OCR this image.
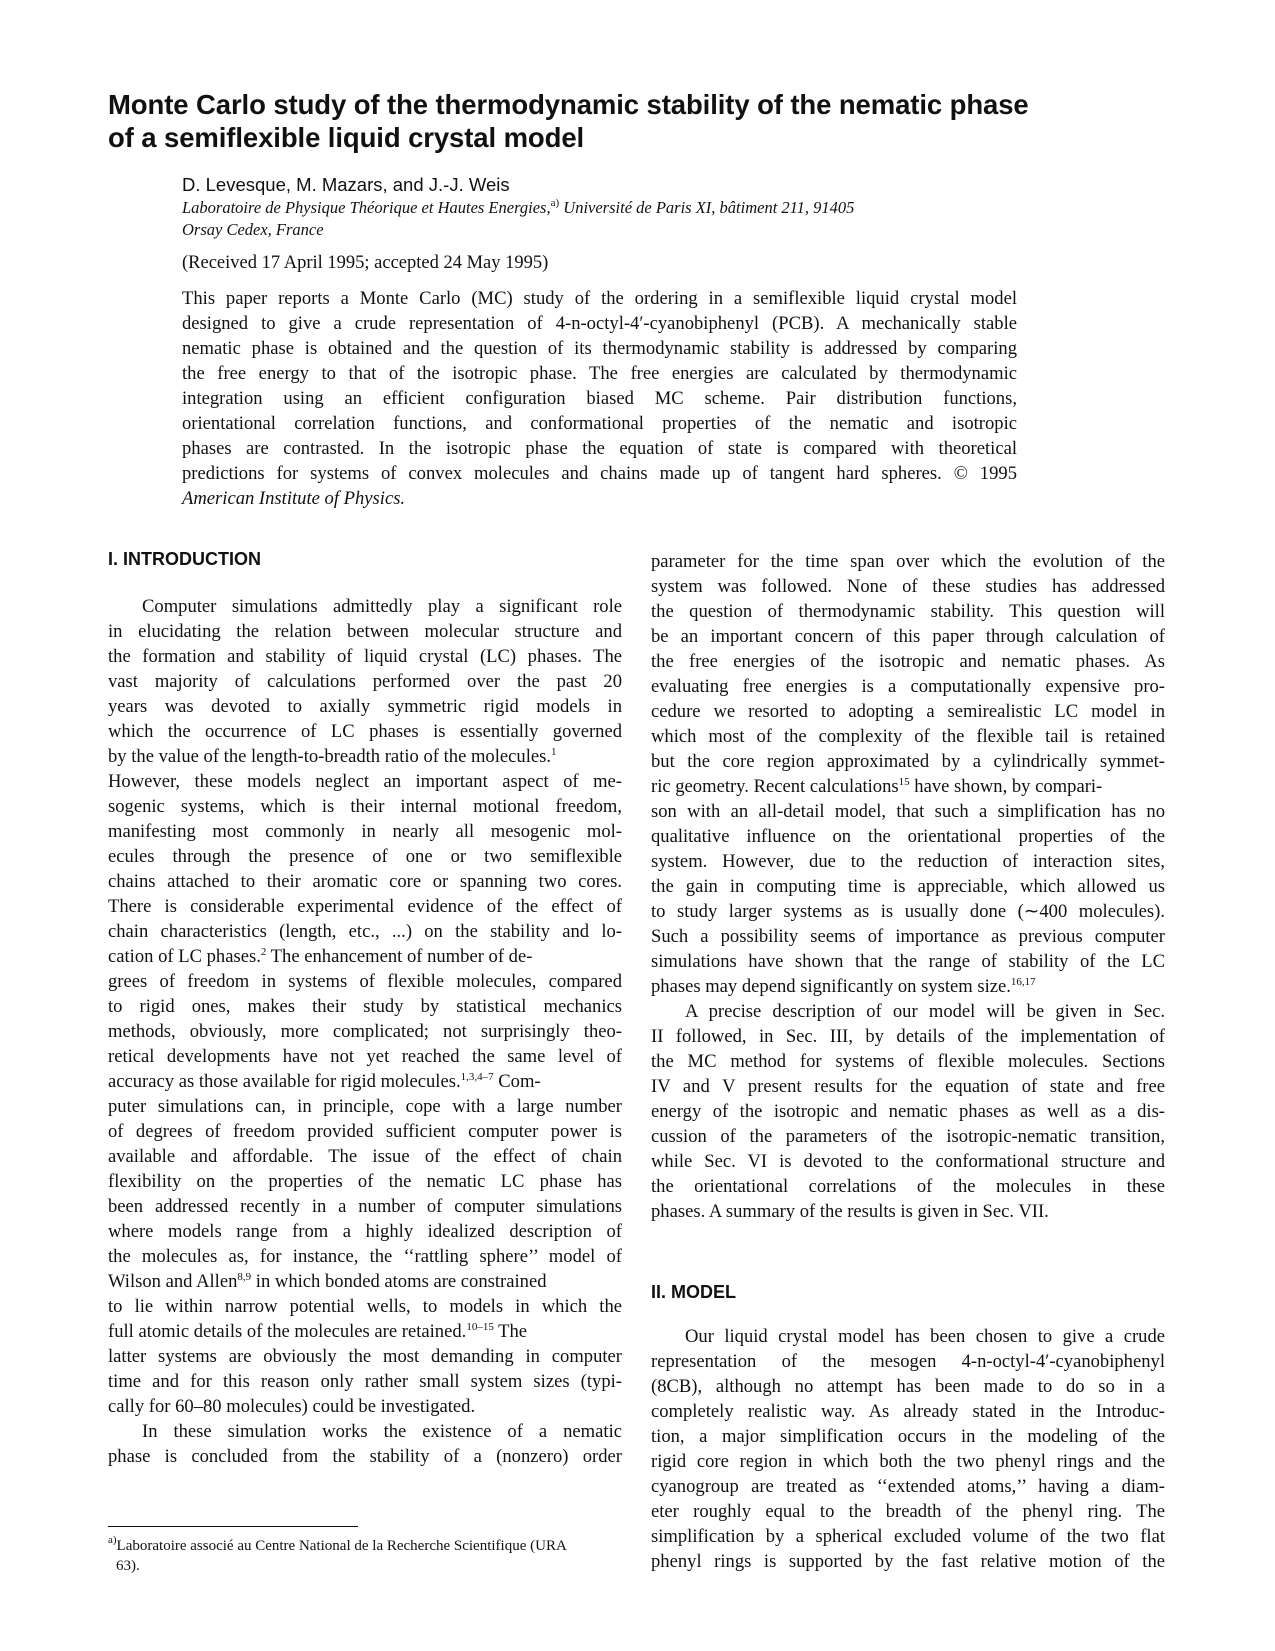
Monte Carlo study of the thermodynamic stability of the nematic phase
of a semiflexible liquid crystal model
D. Levesque, M. Mazars, and J.-J. Weis
Laboratoire de Physique Théorique et Hautes Energies,$^{a)}$ Université de Paris XI, bâtiment 211, 91405
Orsay Cedex, France
(Received 17 April 1995; accepted 24 May 1995)
This paper reports a Monte Carlo (MC) study of the ordering in a semiflexible liquid crystal model
designed to give a crude representation of 4-n-octyl-4′-cyanobiphenyl (PCB). A mechanically stable
nematic phase is obtained and the question of its thermodynamic stability is addressed by comparing
the free energy to that of the isotropic phase. The free energies are calculated by thermodynamic
integration using an efficient configuration biased MC scheme. Pair distribution functions,
orientational correlation functions, and conformational properties of the nematic and isotropic
phases are contrasted. In the isotropic phase the equation of state is compared with theoretical
predictions for systems of convex molecules and chains made up of tangent hard spheres. © 1995
American Institute of Physics.
I. INTRODUCTION
Computer simulations admittedly play a significant role
in elucidating the relation between molecular structure and
the formation and stability of liquid crystal (LC) phases. The
vast majority of calculations performed over the past 20
years was devoted to axially symmetric rigid models in
which the occurrence of LC phases is essentially governed
by the value of the length-to-breadth ratio of the molecules.$^1$
However, these models neglect an important aspect of me-
sogenic systems, which is their internal motional freedom,
manifesting most commonly in nearly all mesogenic mol-
ecules through the presence of one or two semiflexible
chains attached to their aromatic core or spanning two cores.
There is considerable experimental evidence of the effect of
chain characteristics (length, etc., ...) on the stability and lo-
cation of LC phases.$^2$ The enhancement of number of de-
grees of freedom in systems of flexible molecules, compared
to rigid ones, makes their study by statistical mechanics
methods, obviously, more complicated; not surprisingly theo-
retical developments have not yet reached the same level of
accuracy as those available for rigid molecules.$^{1,3,4-7}$ Com-
puter simulations can, in principle, cope with a large number
of degrees of freedom provided sufficient computer power is
available and affordable. The issue of the effect of chain
flexibility on the properties of the nematic LC phase has
been addressed recently in a number of computer simulations
where models range from a highly idealized description of
the molecules as, for instance, the ‘‘rattling sphere’’ model of
Wilson and Allen$^{8,9}$ in which bonded atoms are constrained
to lie within narrow potential wells, to models in which the
full atomic details of the molecules are retained.$^{10-15}$ The
latter systems are obviously the most demanding in computer
time and for this reason only rather small system sizes (typi-
cally for 60–80 molecules) could be investigated.
In these simulation works the existence of a nematic
phase is concluded from the stability of a (nonzero) order
parameter for the time span over which the evolution of the
system was followed. None of these studies has addressed
the question of thermodynamic stability. This question will
be an important concern of this paper through calculation of
the free energies of the isotropic and nematic phases. As
evaluating free energies is a computationally expensive pro-
cedure we resorted to adopting a semirealistic LC model in
which most of the complexity of the flexible tail is retained
but the core region approximated by a cylindrically symmet-
ric geometry. Recent calculations$^{15}$ have shown, by compari-
son with an all-detail model, that such a simplification has no
qualitative influence on the orientational properties of the
system. However, due to the reduction of interaction sites,
the gain in computing time is appreciable, which allowed us
to study larger systems as is usually done (∼400 molecules).
Such a possibility seems of importance as previous computer
simulations have shown that the range of stability of the LC
phases may depend significantly on system size.$^{16,17}$
A precise description of our model will be given in Sec.
II followed, in Sec. III, by details of the implementation of
the MC method for systems of flexible molecules. Sections
IV and V present results for the equation of state and free
energy of the isotropic and nematic phases as well as a dis-
cussion of the parameters of the isotropic-nematic transition,
while Sec. VI is devoted to the conformational structure and
the orientational correlations of the molecules in these
phases. A summary of the results is given in Sec. VII.
II. MODEL
Our liquid crystal model has been chosen to give a crude
representation of the mesogen 4-n-octyl-4′-cyanobiphenyl
(8CB), although no attempt has been made to do so in a
completely realistic way. As already stated in the Introduc-
tion, a major simplification occurs in the modeling of the
rigid core region in which both the two phenyl rings and the
cyanogroup are treated as ‘‘extended atoms,’’ having a diam-
eter roughly equal to the breadth of the phenyl ring. The
simplification by a spherical excluded volume of the two flat
phenyl rings is supported by the fast relative motion of the
$^{a)}$Laboratoire associé au Centre National de la Recherche Scientifique (URA
63).
